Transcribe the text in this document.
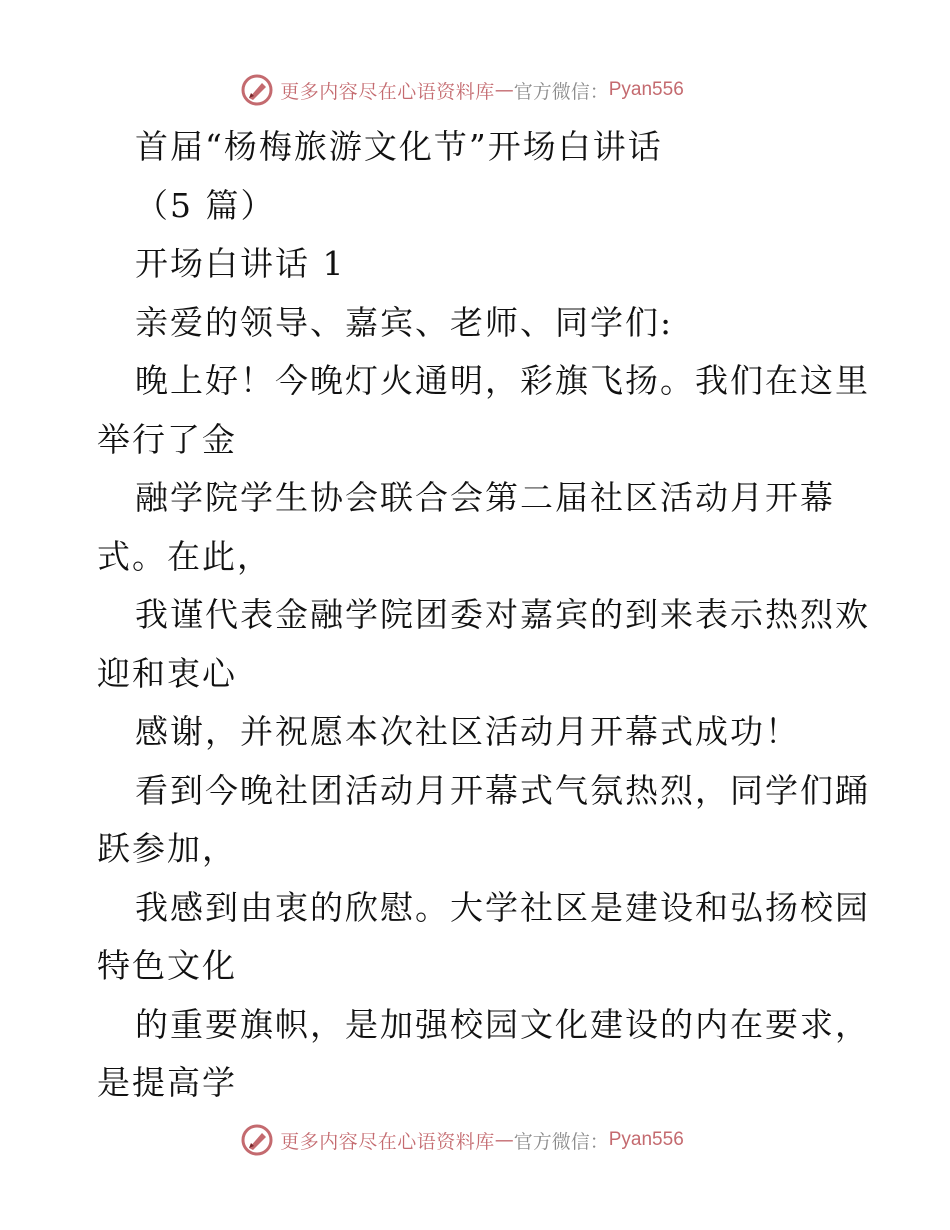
更多内容尽在心语资料库 — 官方微信： Pyan556
首届“杨梅旅游文化节”开场白讲话
（5 篇）
开场白讲话 1
亲爱的领导、嘉宾、老师、同学们:
晚上好！今晚灯火通明，彩旗飞扬。我们在这里
举行了金
融学院学生协会联合会第二届社区活动月开幕
式。在此，
我谨代表金融学院团委对嘉宾的到来表示热烈欢
迎和衷心
感谢，并祝愿本次社区活动月开幕式成功！
看到今晚社团活动月开幕式气氛热烈，同学们踊
跃参加，
我感到由衷的欣慰。大学社区是建设和弘扬校园
特色文化
的重要旗帜，是加强校园文化建设的内在要求，
是提高学
更多内容尽在心语资料库 — 官方微信： Pyan556
